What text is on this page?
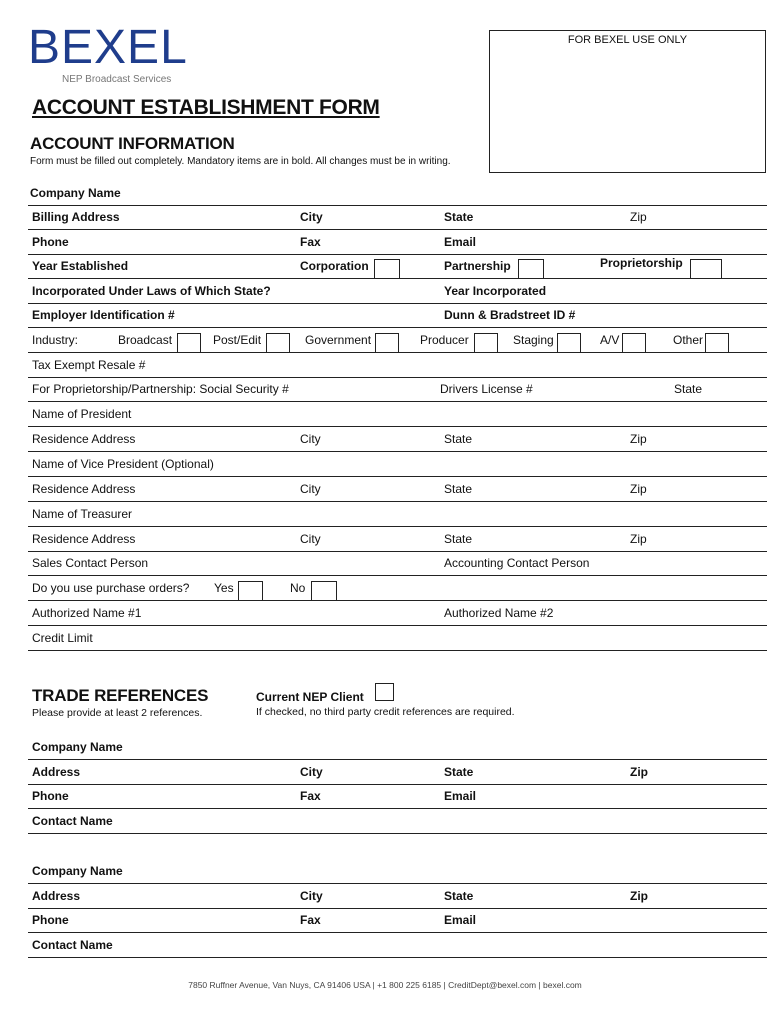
BEXEL
NEP Broadcast Services
FOR BEXEL USE ONLY
ACCOUNT ESTABLISHMENT FORM
ACCOUNT INFORMATION
Form must be filled out completely. Mandatory items are in bold. All changes must be in writing.
Company Name
Billing Address	City	State	Zip
Phone	Fax	Email
Year Established	Corporation	Partnership	Proprietorship
Incorporated Under Laws of Which State?	Year Incorporated
Employer Identification #	Dunn & Bradstreet ID #
Industry:	Broadcast	Post/Edit	Government	Producer	Staging	A/V	Other
Tax Exempt Resale #
For Proprietorship/Partnership: Social Security #	Drivers License #	State
Name of President
Residence Address	City	State	Zip
Name of Vice President (Optional)
Residence Address	City	State	Zip
Name of Treasurer
Residence Address	City	State	Zip
Sales Contact Person	Accounting Contact Person
Do you use purchase orders? Yes	No
Authorized Name #1	Authorized Name #2
Credit Limit
TRADE REFERENCES
Please provide at least 2 references.
Current NEP Client
If checked, no third party credit references are required.
Company Name
Address	City	State	Zip
Phone	Fax	Email
Contact Name
Company Name
Address	City	State	Zip
Phone	Fax	Email
Contact Name
7850 Ruffner Avenue, Van Nuys, CA 91406 USA | +1 800 225 6185 | CreditDept@bexel.com | bexel.com
